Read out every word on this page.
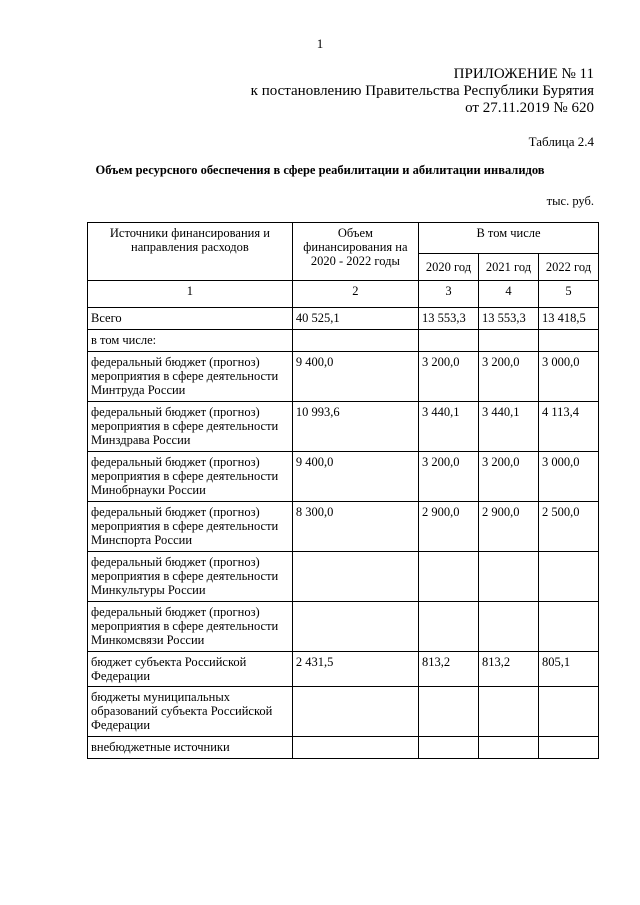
1
ПРИЛОЖЕНИЕ № 11
к постановлению Правительства Республики Бурятия
от 27.11.2019 № 620
Таблица 2.4
Объем ресурсного обеспечения в сфере реабилитации и абилитации инвалидов
тыс. руб.
Источники финансирования и направления расходов	Объем финансирования на 2020 - 2022 годы	В том числе		
		2020 год	2021 год	2022 год
1	2	3	4	5
Всего	40 525,1	13 553,3	13 553,3	13 418,5
в том числе:				
федеральный бюджет (прогноз) мероприятия в сфере деятельности Минтруда России	9 400,0	3 200,0	3 200,0	3 000,0
федеральный бюджет (прогноз) мероприятия в сфере деятельности Минздрава России	10 993,6	3 440,1	3 440,1	4 113,4
федеральный бюджет (прогноз) мероприятия в сфере деятельности Минобрнауки России	9 400,0	3 200,0	3 200,0	3 000,0
федеральный бюджет (прогноз) мероприятия в сфере деятельности Минспорта России	8 300,0	2 900,0	2 900,0	2 500,0
федеральный бюджет (прогноз) мероприятия в сфере деятельности Минкультуры России				
федеральный бюджет (прогноз) мероприятия в сфере деятельности Минкомсвязи России				
бюджет субъекта Российской Федерации	2 431,5	813,2	813,2	805,1
бюджеты муниципальных образований субъекта Российской Федерации				
внебюджетные источники				
